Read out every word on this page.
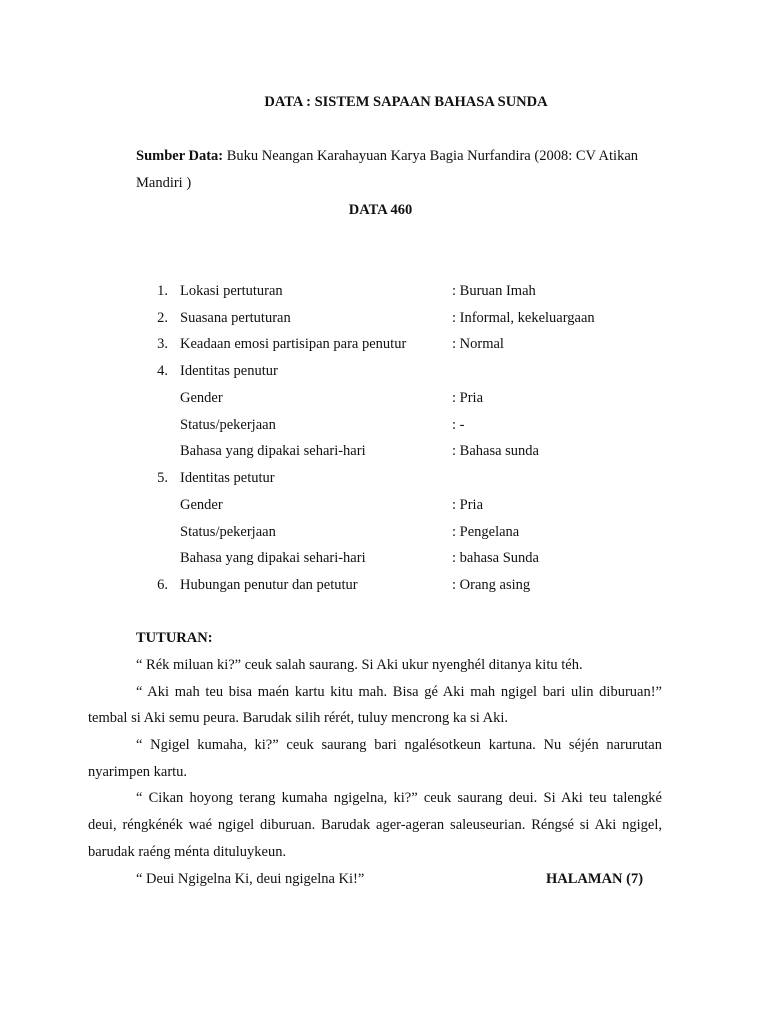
DATA : SISTEM SAPAAN BAHASA SUNDA
Sumber Data: Buku Neangan Karahayuan Karya Bagia Nurfandira (2008: CV Atikan
Mandiri )
DATA 460
1. Lokasi pertuturan	: Buruan Imah
2. Suasana pertuturan	: Informal, kekeluargaan
3. Keadaan emosi partisipan para penutur	: Normal
4. Identitas penutur
Gender	: Pria
Status/pekerjaan	: -
Bahasa yang dipakai sehari-hari	: Bahasa sunda
5. Identitas petutur
Gender	: Pria
Status/pekerjaan	: Pengelana
Bahasa yang dipakai sehari-hari	: bahasa Sunda
6. Hubungan penutur dan petutur	: Orang asing
TUTURAN:
“ Rék miluan ki?” ceuk salah saurang. Si Aki ukur nyenghél ditanya kitu téh.
“ Aki mah teu bisa maén kartu kitu mah. Bisa gé Aki mah ngigel bari ulin diburuan!”
tembal si Aki semu peura. Barudak silih rérét, tuluy mencrong ka si Aki.
“ Ngigel kumaha, ki?” ceuk saurang bari ngalésotkeun kartuna. Nu séjén narurutan
nyarimpen kartu.
“ Cikan hoyong terang kumaha ngigelna, ki?” ceuk saurang deui. Si Aki teu talengké
deui, réngkénék waé ngigel diburuan. Barudak ager-ageran saleuseurian. Réngsé si Aki ngigel,
barudak raéng ménta dituluykeun.
“ Deui Ngigelna Ki, deui ngigelna Ki!”	HALAMAN (7)
